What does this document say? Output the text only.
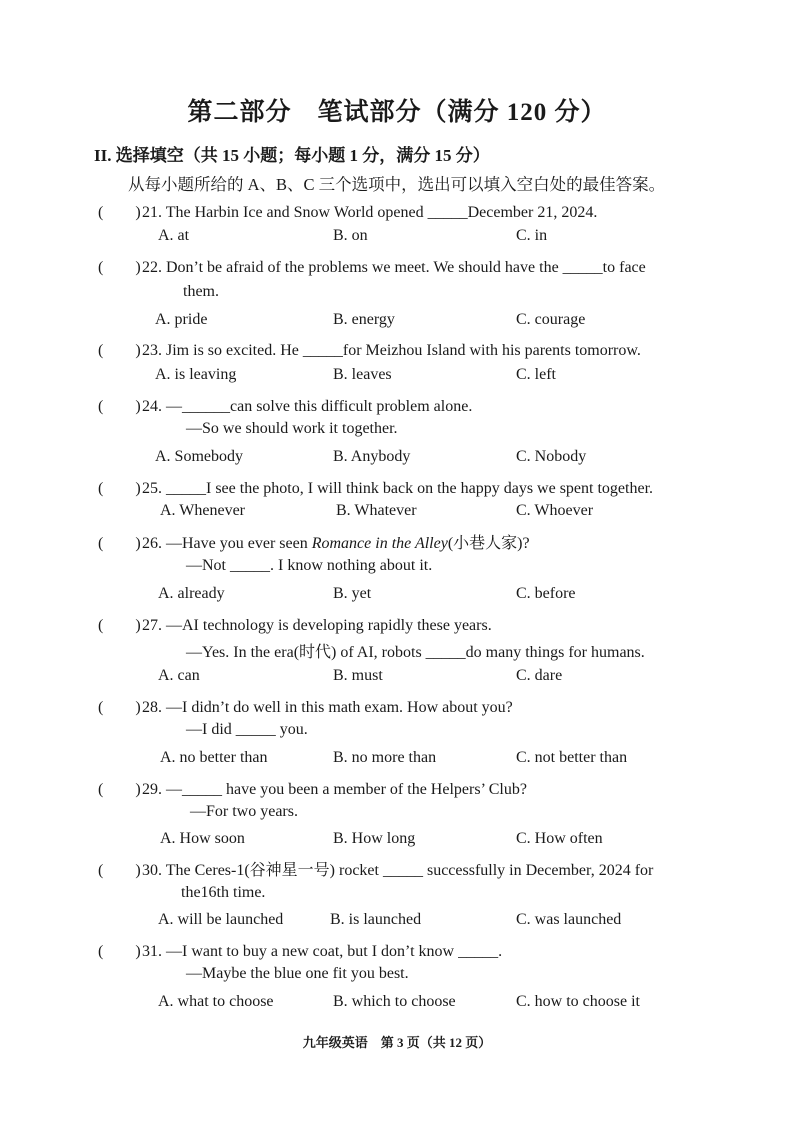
第二部分　笔试部分（满分 120 分）
II. 选择填空（共 15 小题；每小题 1 分，满分 15 分）
从每小题所给的 A、B、C 三个选项中，选出可以填入空白处的最佳答案。
(　　)21. The Harbin Ice and Snow World opened _____December 21, 2024.
A. at	B. on	C. in
(　　)22. Don’t be afraid of the problems we meet. We should have the _____to face
them.
A. pride	B. energy	C. courage
(　　)23. Jim is so excited. He _____for Meizhou Island with his parents tomorrow.
A. is leaving	B. leaves	C. left
(　　)24. —______can solve this difficult problem alone.
—So we should work it together.
A. Somebody	B. Anybody	C. Nobody
(　　)25. _____I see the photo, I will think back on the happy days we spent together.
A. Whenever	B. Whatever	C. Whoever
(　　)26. —Have you ever seen Romance in the Alley(小巷人家)?
—Not _____. I know nothing about it.
A. already	B. yet	C. before
(　　)27. —AI technology is developing rapidly these years.
—Yes. In the era(时代) of AI, robots _____do many things for humans.
A. can	B. must	C. dare
(　　)28. —I didn’t do well in this math exam. How about you?
—I did _____ you.
A. no better than	B. no more than	C. not better than
(　　)29. —_____ have you been a member of the Helpers’ Club?
—For two years.
A. How soon	B. How long	C. How often
(　　)30. The Ceres-1(谷神星一号) rocket _____ successfully in December, 2024 for
the16th time.
A. will be launched	B. is launched	C. was launched
(　　)31. —I want to buy a new coat, but I don’t know _____.
—Maybe the blue one fit you best.
A. what to choose	B. which to choose	C. how to choose it
九年级英语　第 3 页（共 12 页）
